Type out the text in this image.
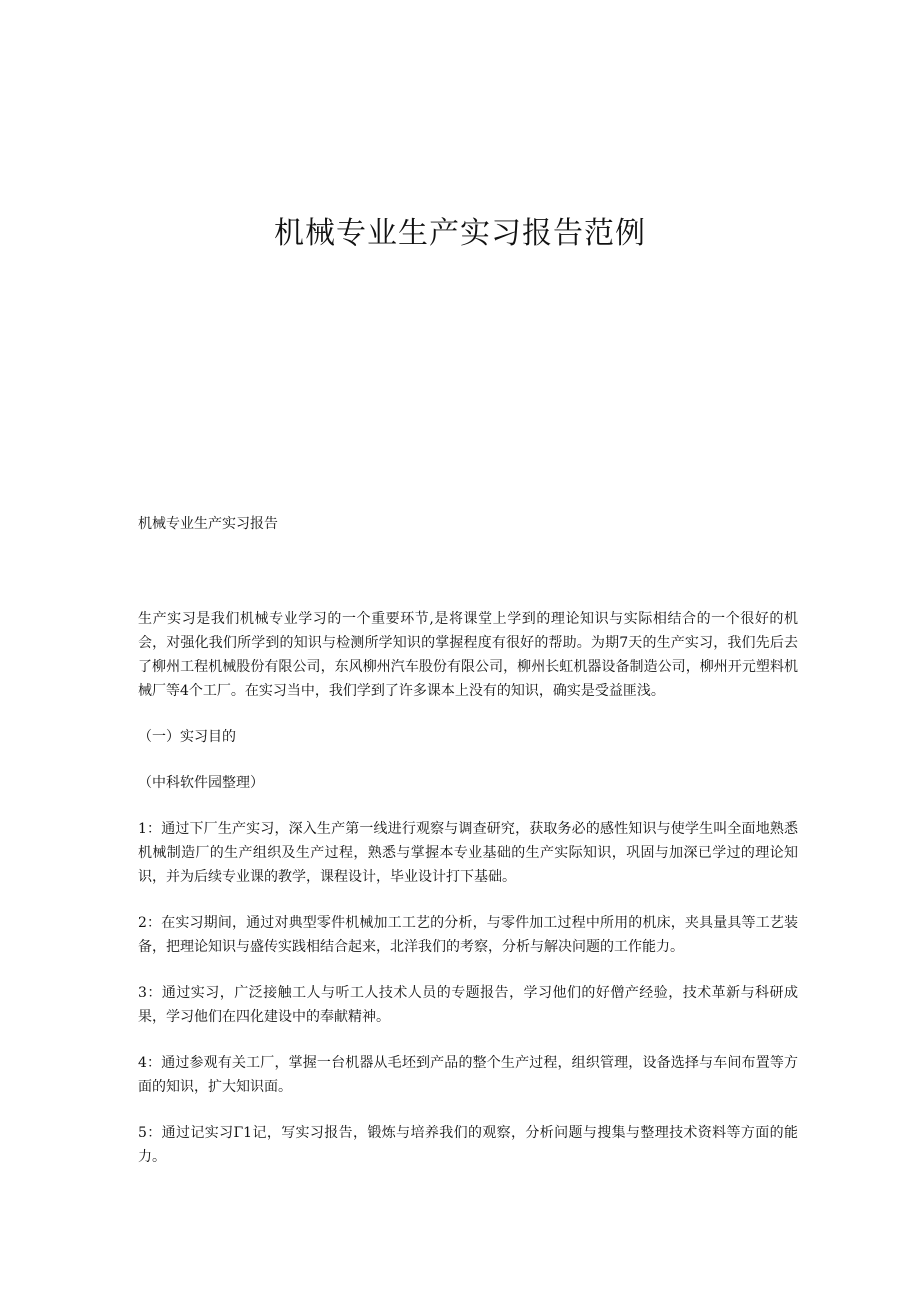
机械专业生产实习报告范例

机械专业生产实习报告

生产实习是我们机械专业学习的一个重要环节,是将课堂上学到的理论知识与实际相结合的一个很好的机会，对强化我们所学到的知识与检测所学知识的掌握程度有很好的帮助。为期7天的生产实习，我们先后去了柳州工程机械股份有限公司，东风柳州汽车股份有限公司，柳州长虹机器设备制造公司，柳州开元塑料机械厂等4个工厂。在实习当中，我们学到了许多课本上没有的知识，确实是受益匪浅。

（一）实习目的

（中科软件园整理）

1：通过下厂生产实习，深入生产第一线进行观察与调查研究，获取务必的感性知识与使学生叫全面地熟悉机械制造厂的生产组织及生产过程，熟悉与掌握本专业基础的生产实际知识，巩固与加深已学过的理论知识，并为后续专业课的教学，课程设计，毕业设计打下基础。

2：在实习期间，通过对典型零件机械加工工艺的分析，与零件加工过程中所用的机床，夹具量具等工艺装备，把理论知识与盛传实践相结合起来，北洋我们的考察，分析与解决问题的工作能力。

3：通过实习，广泛接触工人与听工人技术人员的专题报告，学习他们的好僧产经验，技术革新与科研成果，学习他们在四化建设中的奉献精神。

4：通过参观有关工厂，掌握一台机器从毛坯到产品的整个生产过程，组织管理，设备选择与车间布置等方面的知识，扩大知识面。

5：通过记实习Γ1记，写实习报告，锻炼与培养我们的观察，分析问题与搜集与整理技术资料等方面的能力。
